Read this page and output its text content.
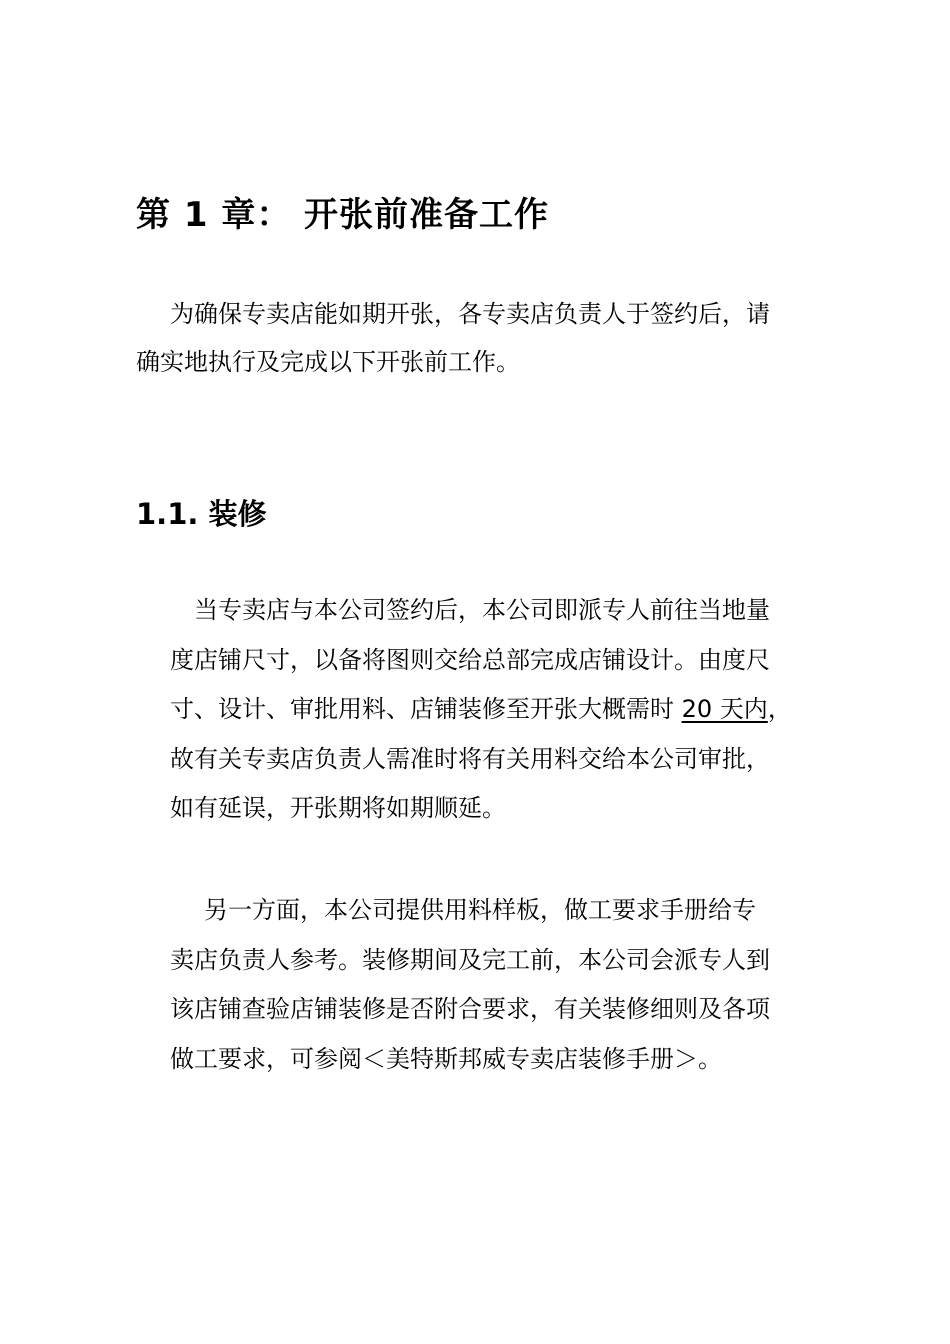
第 1 章： 开张前准备工作
为确保专卖店能如期开张，各专卖店负责人于签约后，请
确实地执行及完成以下开张前工作。
1.1. 装修
当专卖店与本公司签约后，本公司即派专人前往当地量
度店铺尺寸，以备将图则交给总部完成店铺设计。由度尺
寸、设计、审批用料、店铺装修至开张大概需时 20 天内，
故有关专卖店负责人需准时将有关用料交给本公司审批，
如有延误，开张期将如期顺延。
另一方面，本公司提供用料样板，做工要求手册给专
卖店负责人参考。装修期间及完工前，本公司会派专人到
该店铺查验店铺装修是否附合要求，有关装修细则及各项
做工要求，可参阅＜美特斯邦威专卖店装修手册＞。
